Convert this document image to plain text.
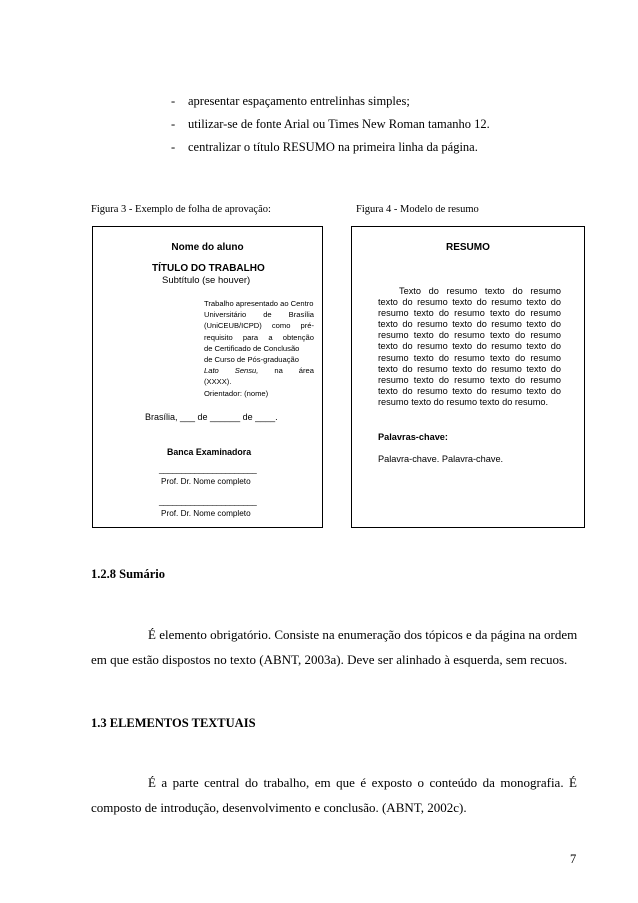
- apresentar espaçamento entrelinhas simples;
- utilizar-se de fonte Arial ou Times New Roman tamanho 12.
- centralizar o título RESUMO na primeira linha da página.
Figura 3 - Exemplo de folha de aprovação:	Figura 4 - Modelo de resumo
Nome do aluno
TÍTULO DO TRABALHO
Subtítulo (se houver)
Trabalho apresentado ao Centro
Universitário de Brasília
(UniCEUB/ICPD) como pré-
requisito para a obtenção
de Certificado de Conclusão
de Curso de Pós-graduação
Lato Sensu, na área
(XXXX).
Orientador: (nome)
Brasília, ___ de ______ de ____.
Banca Examinadora
______________________
Prof. Dr. Nome completo
______________________
Prof. Dr. Nome completo
RESUMO
Texto do resumo texto do resumo
texto do resumo texto do resumo texto do
resumo texto do resumo texto do resumo
texto do resumo texto do resumo texto do
resumo texto do resumo texto do resumo
texto do resumo texto do resumo texto do
resumo texto do resumo texto do resumo
texto do resumo texto do resumo texto do
resumo texto do resumo texto do resumo
texto do resumo texto do resumo texto do
resumo texto do resumo texto do resumo.
Palavras-chave:
Palavra-chave. Palavra-chave.
1.2.8 Sumário
É elemento obrigatório. Consiste na enumeração dos tópicos e da página na ordem
em que estão dispostos no texto (ABNT, 2003a). Deve ser alinhado à esquerda, sem recuos.
1.3 ELEMENTOS TEXTUAIS
É a parte central do trabalho, em que é exposto o conteúdo da monografia. É
composto de introdução, desenvolvimento e conclusão. (ABNT, 2002c).
7
